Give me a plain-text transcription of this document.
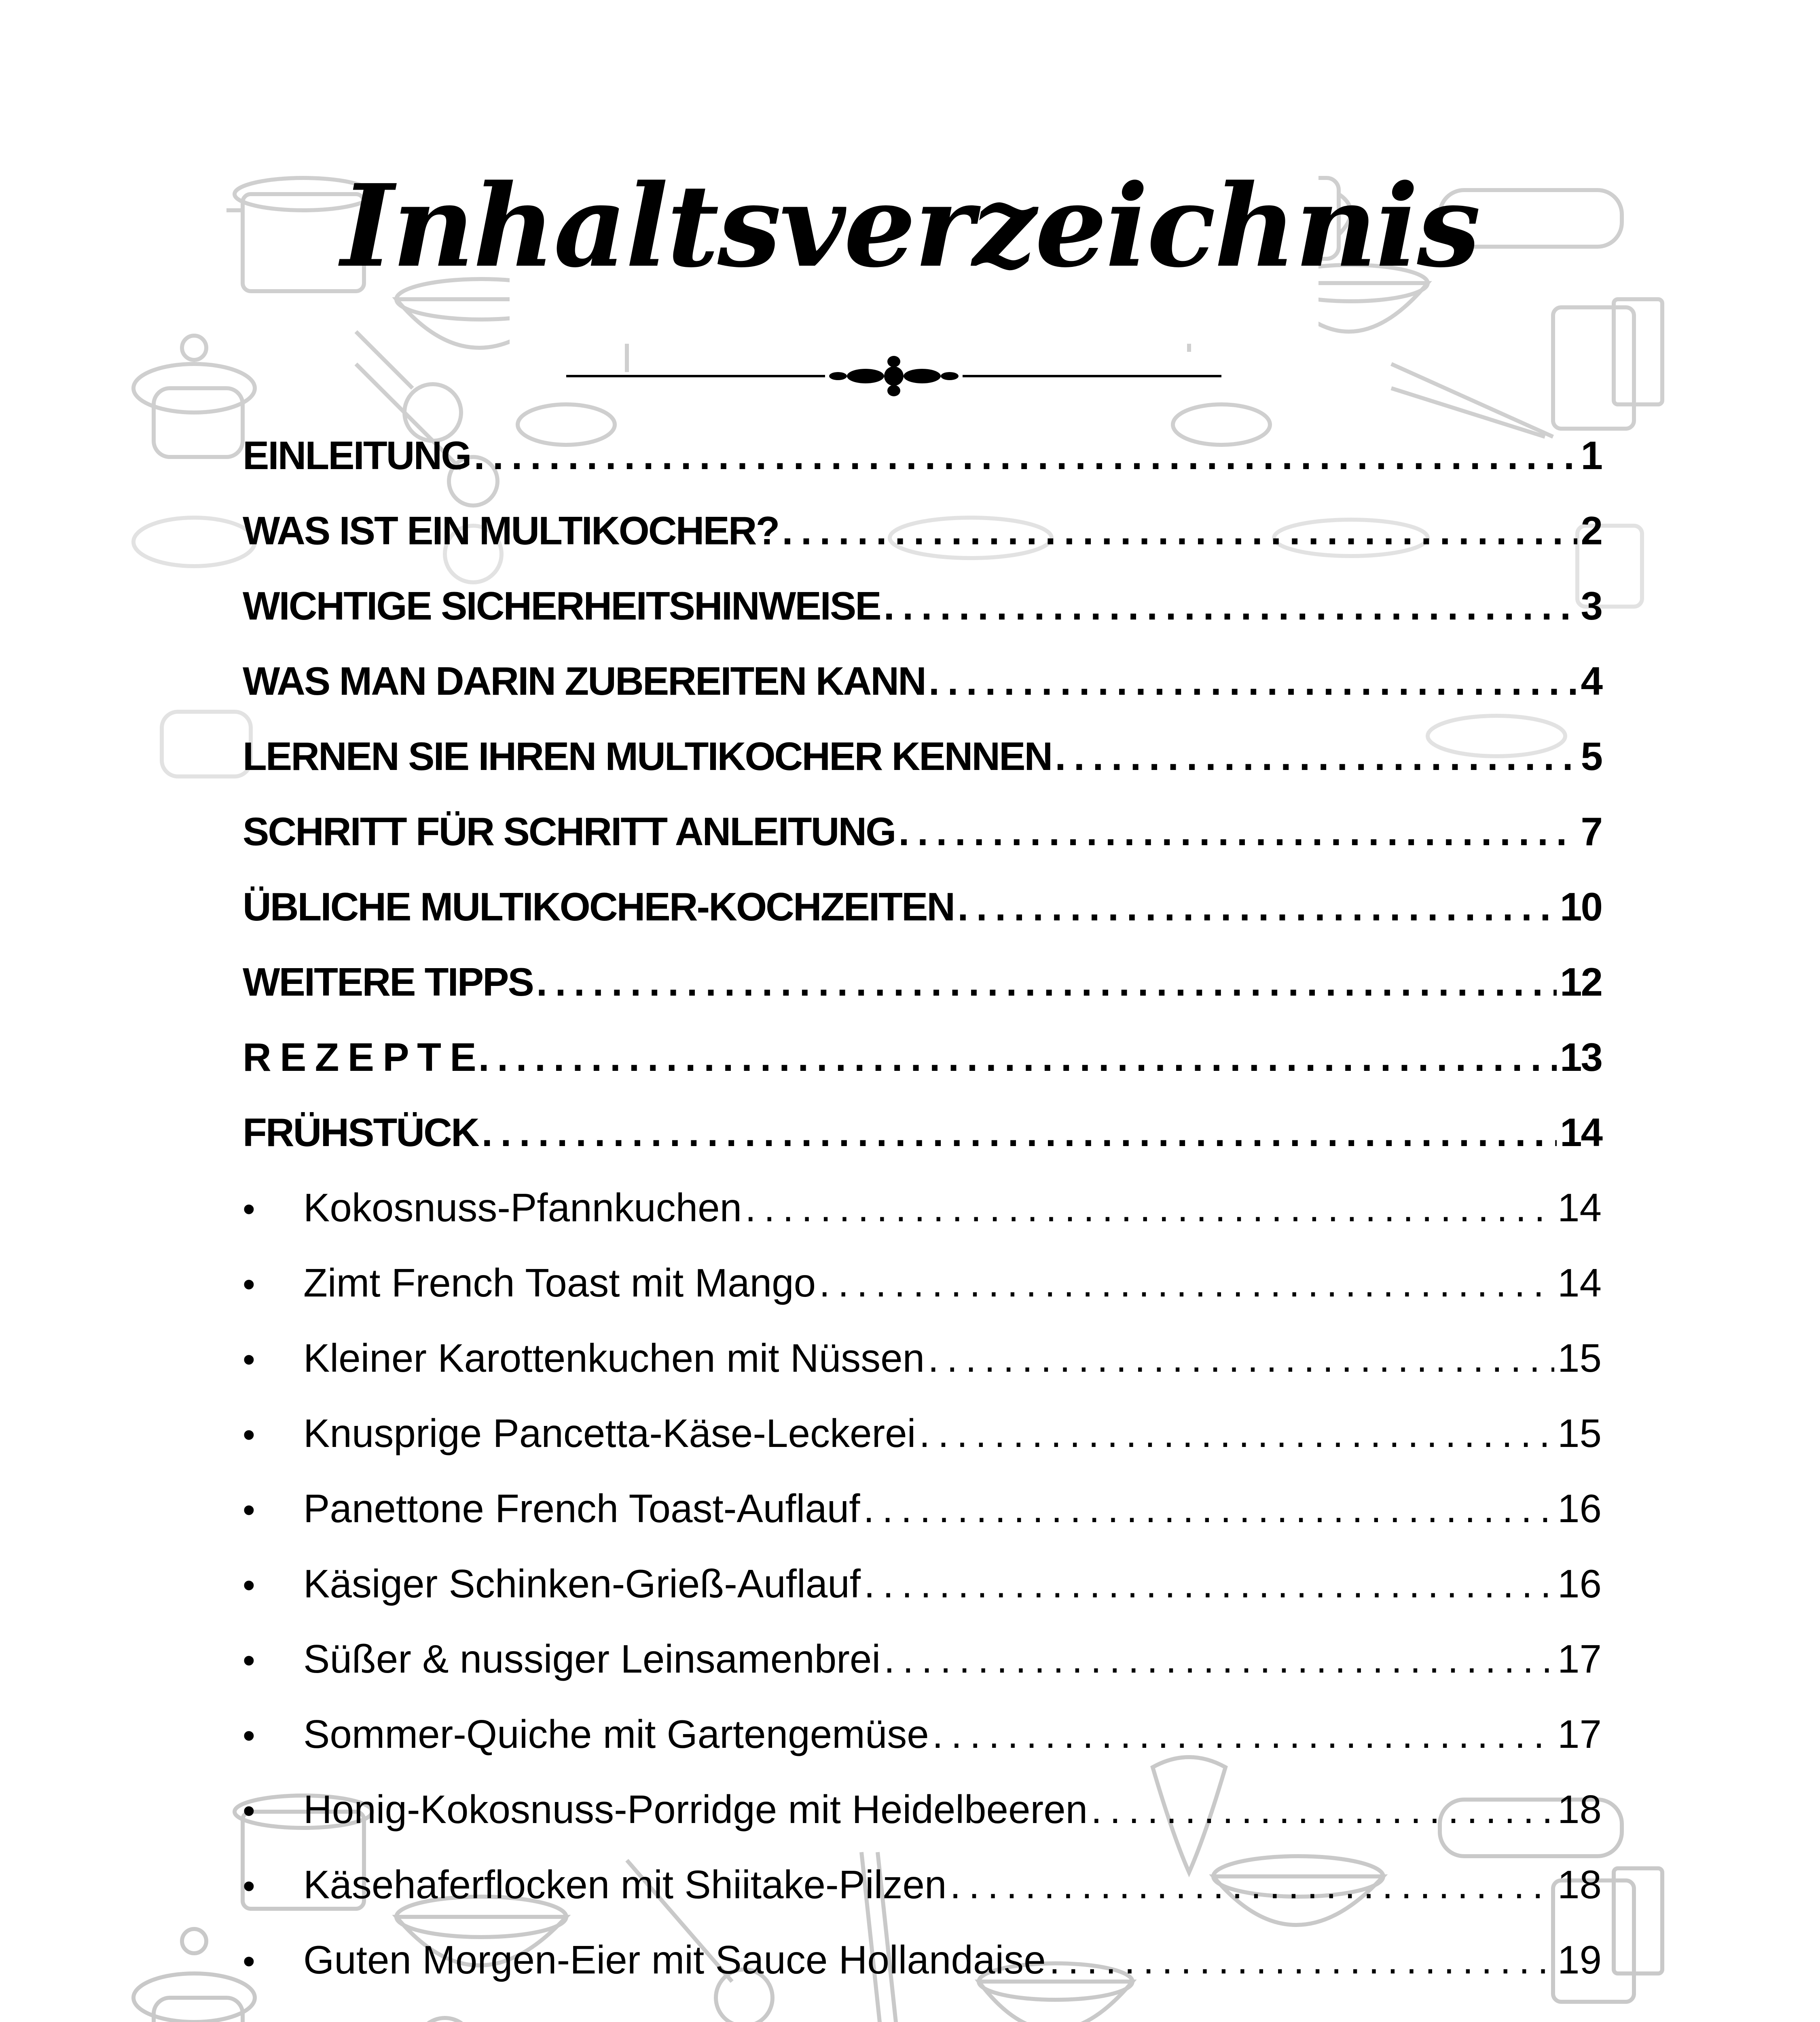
Inhaltsverzeichnis
EINLEITUNG . . .	1
WAS IST EIN MULTIKOCHER? . . .	2
WICHTIGE SICHERHEITSHINWEISE . . .	3
WAS MAN DARIN ZUBEREITEN KANN . . .	4
LERNEN SIE IHREN MULTIKOCHER KENNEN . . .	5
SCHRITT FÜR SCHRITT ANLEITUNG . . .	7
ÜBLICHE MULTIKOCHER-KOCHZEITEN . . .	10
WEITERE TIPPS . . .	12
R E Z E P T E . . .	13
FRÜHSTÜCK . . .	14
•	Kokosnuss-Pfannkuchen . . .	14
•	Zimt French Toast mit Mango . . .	14
•	Kleiner Karottenkuchen mit Nüssen . . .	15
•	Knusprige Pancetta-Käse-Leckerei . . .	15
•	Panettone French Toast-Auflauf . . .	16
•	Käsiger Schinken-Grieß-Auflauf . . .	16
•	Süßer & nussiger Leinsamenbrei . . .	17
•	Sommer-Quiche mit Gartengemüse . . .	17
•	Honig-Kokosnuss-Porridge mit Heidelbeeren . . .	18
•	Käsehaferflocken mit Shiitake-Pilzen . . .	18
•	Guten Morgen-Eier mit Sauce Hollandaise . . .	19
